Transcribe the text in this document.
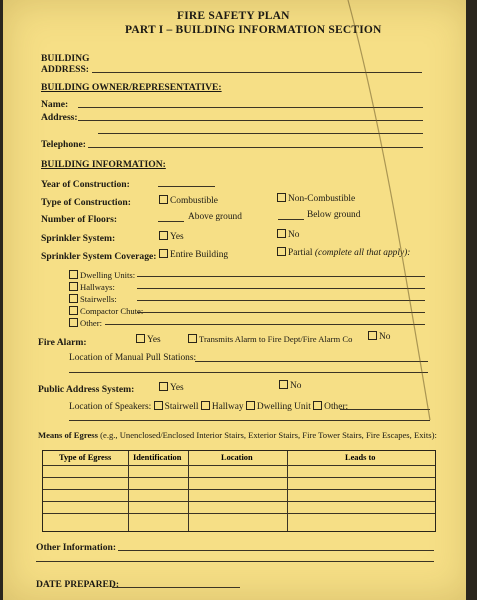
FIRE SAFETY PLAN
PART I – BUILDING INFORMATION SECTION
BUILDING
ADDRESS:
BUILDING OWNER/REPRESENTATIVE:
Name:
Address:
Telephone:
BUILDING INFORMATION:
Year of Construction:
Type of Construction:	Combustible	Non-Combustible
Number of Floors:	Above ground	Below ground
Sprinkler System:	Yes	No
Sprinkler System Coverage:	Entire Building	Partial (complete all that apply):
Dwelling Units:
Hallways:
Stairwells:
Compactor Chute:
Other:
Fire Alarm:	Yes	Transmits Alarm to Fire Dept/Fire Alarm Co	No
Location of Manual Pull Stations:
Public Address System:	Yes	No
Location of Speakers: Stairwell Hallway Dwelling Unit Other:
Means of Egress (e.g., Unenclosed/Enclosed Interior Stairs, Exterior Stairs, Fire Tower Stairs, Fire Escapes, Exits):
Type of Egress	Identification	Location	Leads to
Other Information:
DATE PREPARED:
